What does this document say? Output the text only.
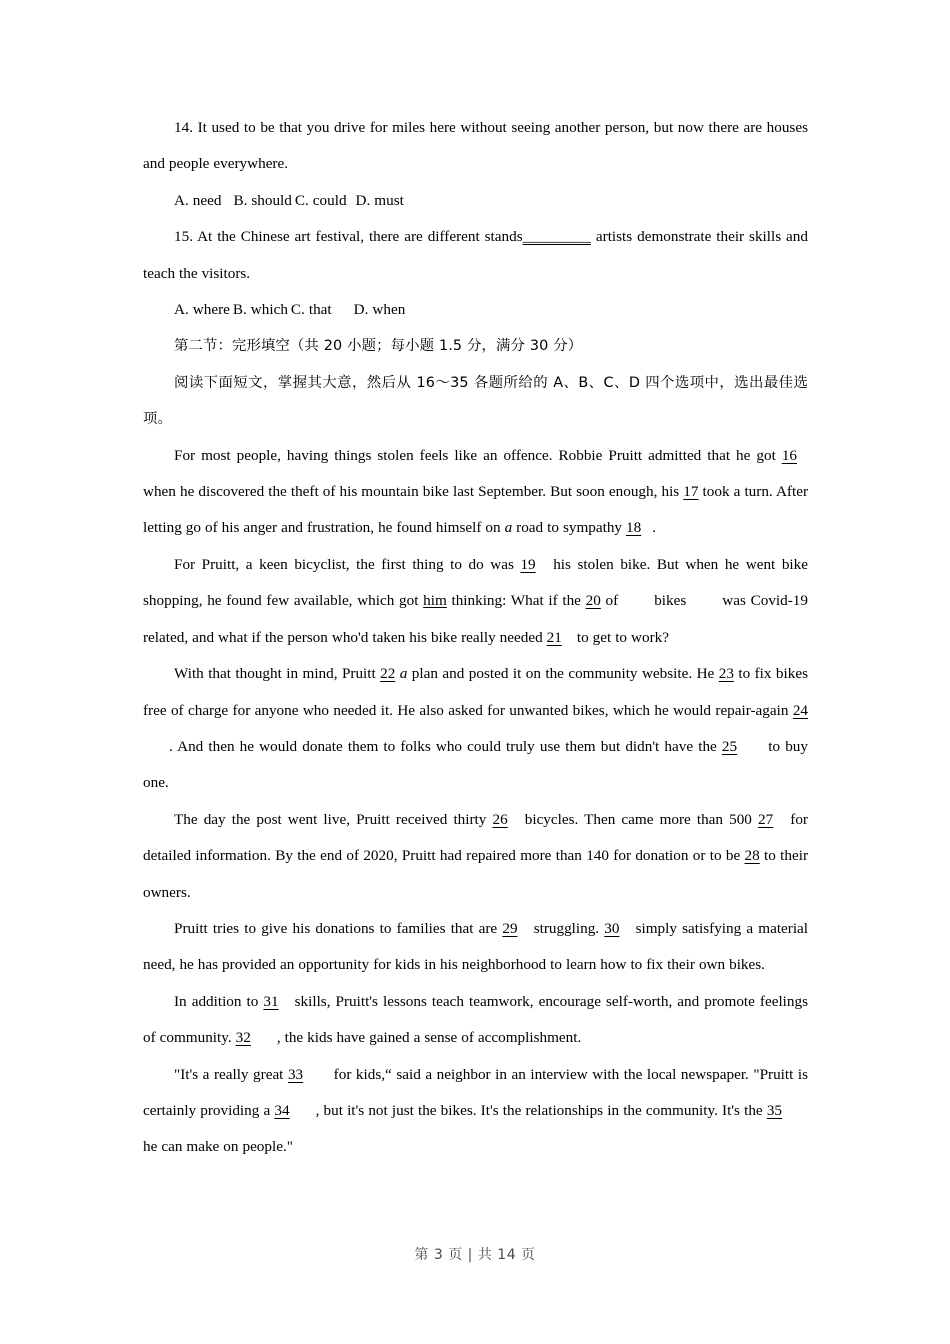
14. It used to be that you drive for miles here without seeing another person, but now there are houses and people everywhere.

A. need B. should C. could D. must

15. At the Chinese art festival, there are different stands_________ artists demonstrate their skills and teach the visitors.

A. where B. which C. that D. when

第二节：完形填空（共 20 小题；每小题 1.5 分，满分 30 分）

阅读下面短文，掌握其大意，然后从 16〜35 各题所给的 A、B、C、D 四个选项中，选出最佳选项。

For most people, having things stolen feels like an offence. Robbie Pruitt admitted that he got 16 when he discovered the theft of his mountain bike last September. But soon enough, his 17 took a turn. After letting go of his anger and frustration, he found himself on a road to sympathy 18 .

For Pruitt, a keen bicyclist, the first thing to do was 19 his stolen bike. But when he went bike shopping, he found few available, which got him thinking: What if the 20 of bikes was Covid-19 related, and what if the person who'd taken his bike really needed 21 to get to work?

With that thought in mind, Pruitt 22 a plan and posted it on the community website. He 23 to fix bikes free of charge for anyone who needed it. He also asked for unwanted bikes, which he would repair-again 24. And then he would donate them to folks who could truly use them but didn't have the 25 to buy one.

The day the post went live, Pruitt received thirty 26 bicycles. Then came more than 500 27 for detailed information. By the end of 2020, Pruitt had repaired more than 140 for donation or to be 28 to their owners.

Pruitt tries to give his donations to families that are 29 struggling. 30 simply satisfying a material need, he has provided an opportunity for kids in his neighborhood to learn how to fix their own bikes.

In addition to 31 skills, Pruitt's lessons teach teamwork, encourage self-worth, and promote feelings of community. 32 , the kids have gained a sense of accomplishment.

"It's a really great 33 for kids,“ said a neighbor in an interview with the local newspaper. "Pruitt is certainly providing a 34 , but it's not just the bikes. It's the relationships in the community. It's the 35 he can make on people."

第 3 页 | 共 14 页
